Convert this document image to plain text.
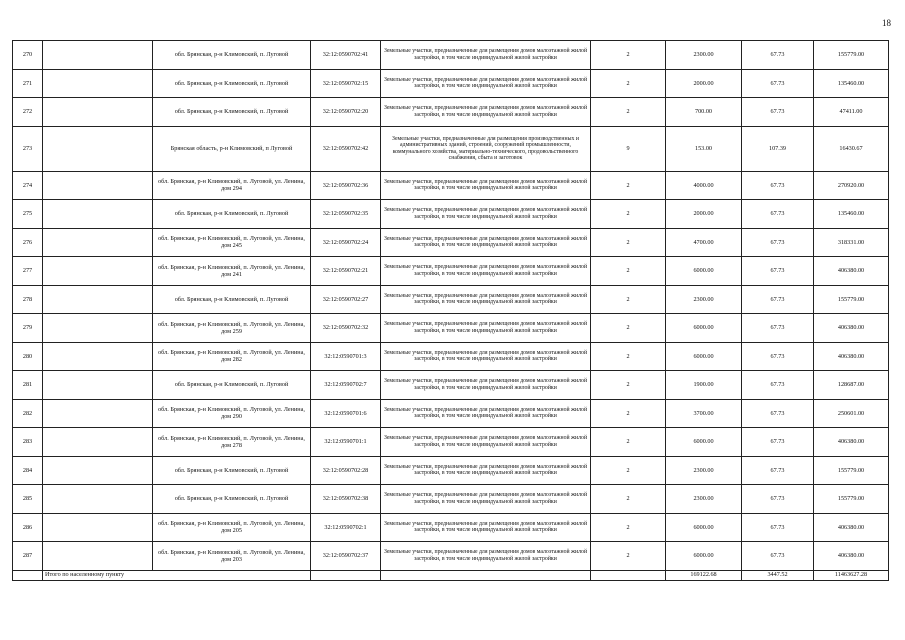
18
270		обл. Брянская, р-н Климовский, п. Луговой	32:12:0590702:41	Земельные участки, предназначенные для размещения домов малоэтажной жилой застройки, в том числе индивидуальной жилой застройки	2	2300.00	67.73	155779.00
271		обл. Брянская, р-н Климовский, п. Луговой	32:12:0590702:15	Земельные участки, предназначенные для размещения домов малоэтажной жилой застройки, в том числе индивидуальной жилой застройки	2	2000.00	67.73	135460.00
272		обл. Брянская, р-н Климовский, п. Луговой	32:12:0590702:20	Земельные участки, предназначенные для размещения домов малоэтажной жилой застройки, в том числе индивидуальной жилой застройки	2	700.00	67.73	47411.00
273		Брянская область, р-н Климовский, п Луговой	32:12:0590702:42	Земельные участки, предназначенные для размещения производственных и административных зданий, строений, сооружений промышленности, коммунального хозяйства, материально-технического, продовольственного снабжения, сбыта и заготовок	9	153.00	107.39	16430.67
274		обл. Брянская, р-н Климовский, п. Луговой, ул. Ленина, дом 294	32:12:0590702:36	Земельные участки, предназначенные для размещения домов малоэтажной жилой застройки, в том числе индивидуальной жилой застройки	2	4000.00	67.73	270920.00
275		обл. Брянская, р-н Климовский, п. Луговой	32:12:0590702:35	Земельные участки, предназначенные для размещения домов малоэтажной жилой застройки, в том числе индивидуальной жилой застройки	2	2000.00	67.73	135460.00
276		обл. Брянская, р-н Климовский, п. Луговой, ул. Ленина, дом 245	32:12:0590702:24	Земельные участки, предназначенные для размещения домов малоэтажной жилой застройки, в том числе индивидуальной жилой застройки	2	4700.00	67.73	318331.00
277		обл. Брянская, р-н Климовский, п. Луговой, ул. Ленина, дом 241	32:12:0590702:21	Земельные участки, предназначенные для размещения домов малоэтажной жилой застройки, в том числе индивидуальной жилой застройки	2	6000.00	67.73	406380.00
278		обл. Брянская, р-н Климовский, п. Луговой	32:12:0590702:27	Земельные участки, предназначенные для размещения домов малоэтажной жилой застройки, в том числе индивидуальной жилой застройки	2	2300.00	67.73	155779.00
279		обл. Брянская, р-н Климовский, п. Луговой, ул. Ленина, дом 259	32:12:0590702:32	Земельные участки, предназначенные для размещения домов малоэтажной жилой застройки, в том числе индивидуальной жилой застройки	2	6000.00	67.73	406380.00
280		обл. Брянская, р-н Климовский, п. Луговой, ул. Ленина, дом 282	32:12:0590701:3	Земельные участки, предназначенные для размещения домов малоэтажной жилой застройки, в том числе индивидуальной жилой застройки	2	6000.00	67.73	406380.00
281		обл. Брянская, р-н Климовский, п. Луговой	32:12:0590702:7	Земельные участки, предназначенные для размещения домов малоэтажной жилой застройки, в том числе индивидуальной жилой застройки	2	1900.00	67.73	128687.00
282		обл. Брянская, р-н Климовский, п. Луговой, ул. Ленина, дом 290	32:12:0590701:6	Земельные участки, предназначенные для размещения домов малоэтажной жилой застройки, в том числе индивидуальной жилой застройки	2	3700.00	67.73	250601.00
283		обл. Брянская, р-н Климовский, п. Луговой, ул. Ленина, дом 278	32:12:0590701:1	Земельные участки, предназначенные для размещения домов малоэтажной жилой застройки, в том числе индивидуальной жилой застройки	2	6000.00	67.73	406380.00
284		обл. Брянская, р-н Климовский, п. Луговой	32:12:0590702:28	Земельные участки, предназначенные для размещения домов малоэтажной жилой застройки, в том числе индивидуальной жилой застройки	2	2300.00	67.73	155779.00
285		обл. Брянская, р-н Климовский, п. Луговой	32:12:0590702:38	Земельные участки, предназначенные для размещения домов малоэтажной жилой застройки, в том числе индивидуальной жилой застройки	2	2300.00	67.73	155779.00
286		обл. Брянская, р-н Климовский, п. Луговой, ул. Ленина, дом 205	32:12:0590702:1	Земельные участки, предназначенные для размещения домов малоэтажной жилой застройки, в том числе индивидуальной жилой застройки	2	6000.00	67.73	406380.00
287		обл. Брянская, р-н Климовский, п. Луговой, ул. Ленина, дом 203	32:12:0590702:37	Земельные участки, предназначенные для размещения домов малоэтажной жилой застройки, в том числе индивидуальной жилой застройки	2	6000.00	67.73	406380.00
	Итого по населенному пункту					169122.68	3447.52	11463627.28
